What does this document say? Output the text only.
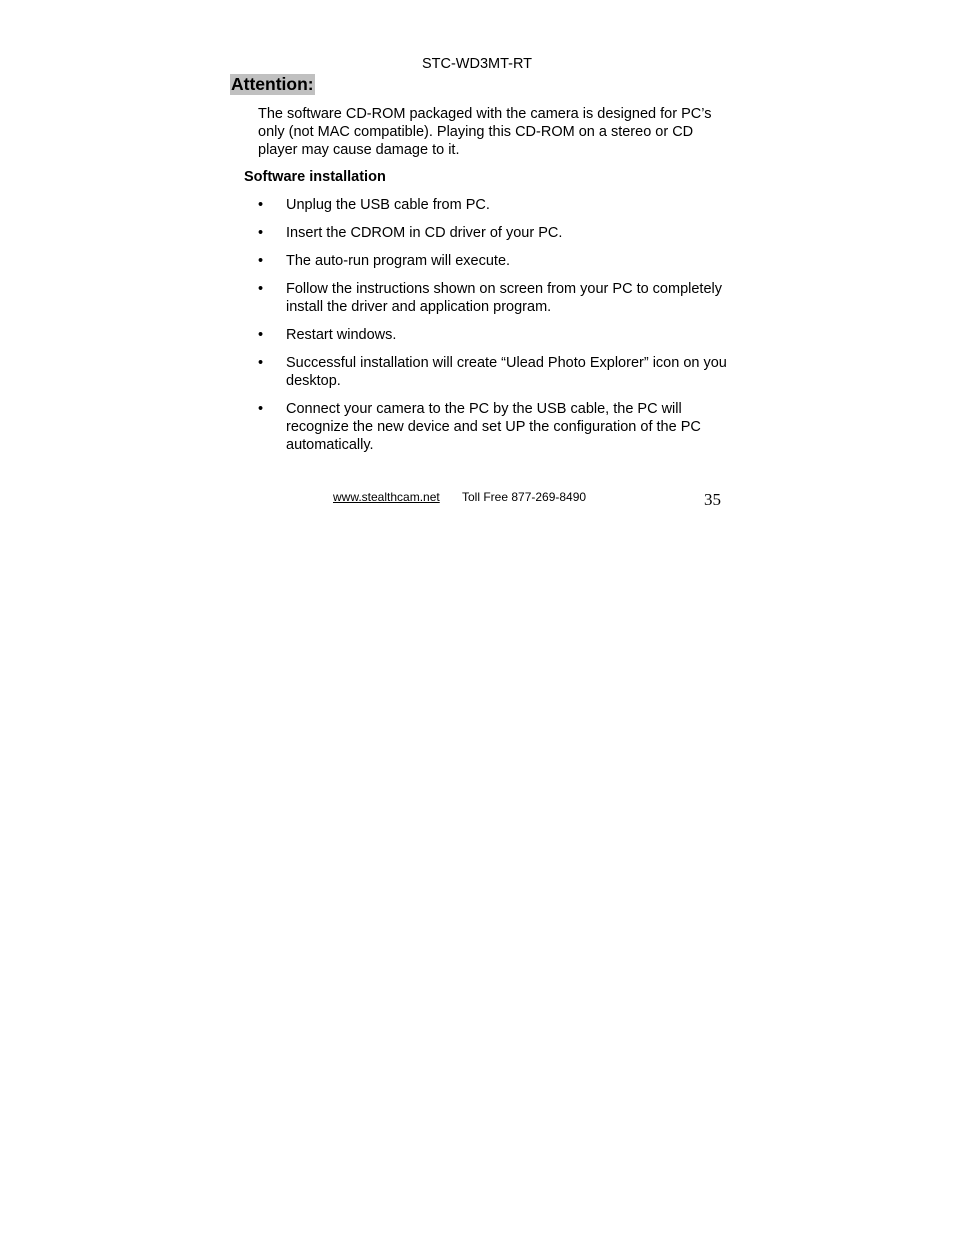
STC-WD3MT-RT
Attention:

The software CD-ROM packaged with the camera is designed for PC’s only (not MAC compatible). Playing this CD-ROM on a stereo or CD player may cause damage to it.

Software installation
•	Unplug the USB cable from PC.
•	Insert the CDROM in CD driver of your PC.
•	The auto-run program will execute.
•	Follow the instructions shown on screen from your PC to completely install the driver and application program.
•	Restart windows.
•	Successful installation will create “Ulead Photo Explorer” icon on you desktop.
•	Connect your camera to the PC by the USB cable, the PC will recognize the new device and set UP the configuration of the PC automatically.
www.stealthcam.net Toll Free 877-269-8490	35
